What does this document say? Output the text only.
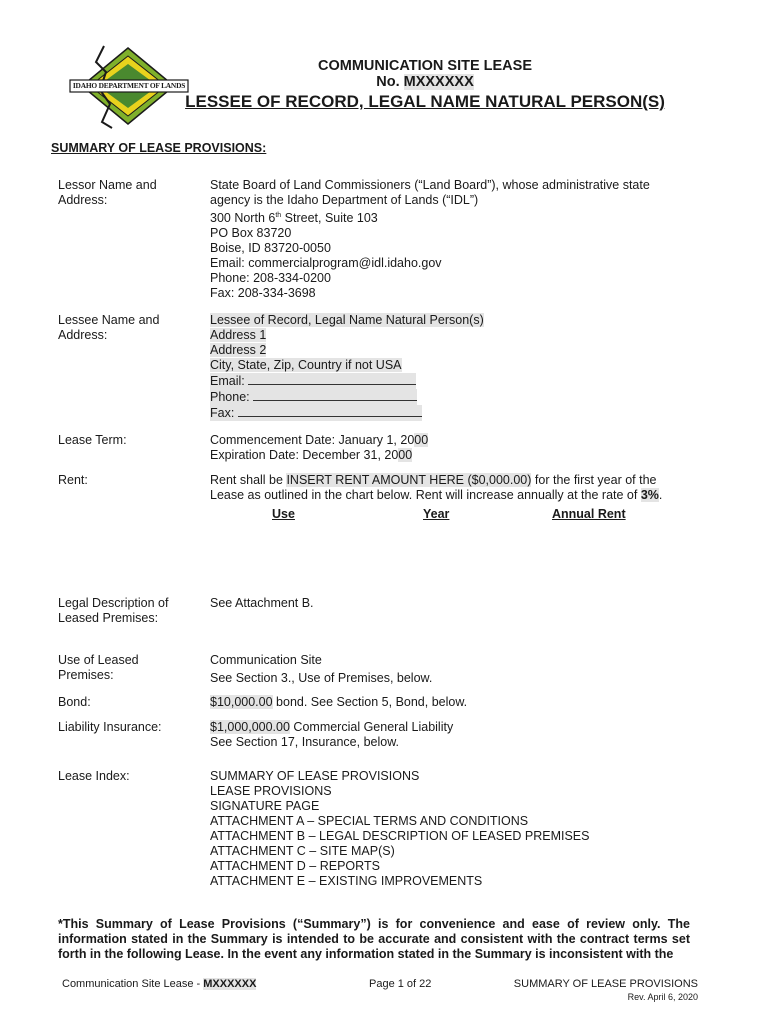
IDAHO DEPARTMENT OF LANDS
COMMUNICATION SITE LEASE
No. MXXXXXX
LESSEE OF RECORD, LEGAL NAME NATURAL PERSON(S)
SUMMARY OF LEASE PROVISIONS:
Lessor Name and
Address:
State Board of Land Commissioners (“Land Board”), whose administrative state
agency is the Idaho Department of Lands (“IDL”)
300 North 6th Street, Suite 103
PO Box 83720
Boise, ID 83720-0050
Email: commercialprogram@idl.idaho.gov
Phone: 208-334-0200
Fax: 208-334-3698
Lessee Name and
Address:
Lessee of Record, Legal Name Natural Person(s)
Address 1
Address 2
City, State, Zip, Country if not USA
Email:
Phone:
Fax:
Lease Term:	Commencement Date: January 1, 2000
Expiration Date: December 31, 2000
Rent:	Rent shall be INSERT RENT AMOUNT HERE ($0,000.00) for the first year of the
Lease as outlined in the chart below. Rent will increase annually at the rate of 3%.
Use	Year	Annual Rent
Legal Description of
Leased Premises:
See Attachment B.
Use of Leased
Premises:
Communication Site
See Section 3., Use of Premises, below.
Bond:	$10,000.00 bond. See Section 5, Bond, below.
Liability Insurance:	$1,000,000.00 Commercial General Liability
See Section 17, Insurance, below.
Lease Index:	SUMMARY OF LEASE PROVISIONS
LEASE PROVISIONS
SIGNATURE PAGE
ATTACHMENT A – SPECIAL TERMS AND CONDITIONS
ATTACHMENT B – LEGAL DESCRIPTION OF LEASED PREMISES
ATTACHMENT C – SITE MAP(S)
ATTACHMENT D – REPORTS
ATTACHMENT E – EXISTING IMPROVEMENTS
*This Summary of Lease Provisions (“Summary”) is for convenience and ease of review only. The information stated in the Summary is intended to be accurate and consistent with the contract terms set forth in the following Lease. In the event any information stated in the Summary is inconsistent with the
Communication Site Lease - MXXXXXX	Page 1 of 22	SUMMARY OF LEASE PROVISIONS
Rev. April 6, 2020
